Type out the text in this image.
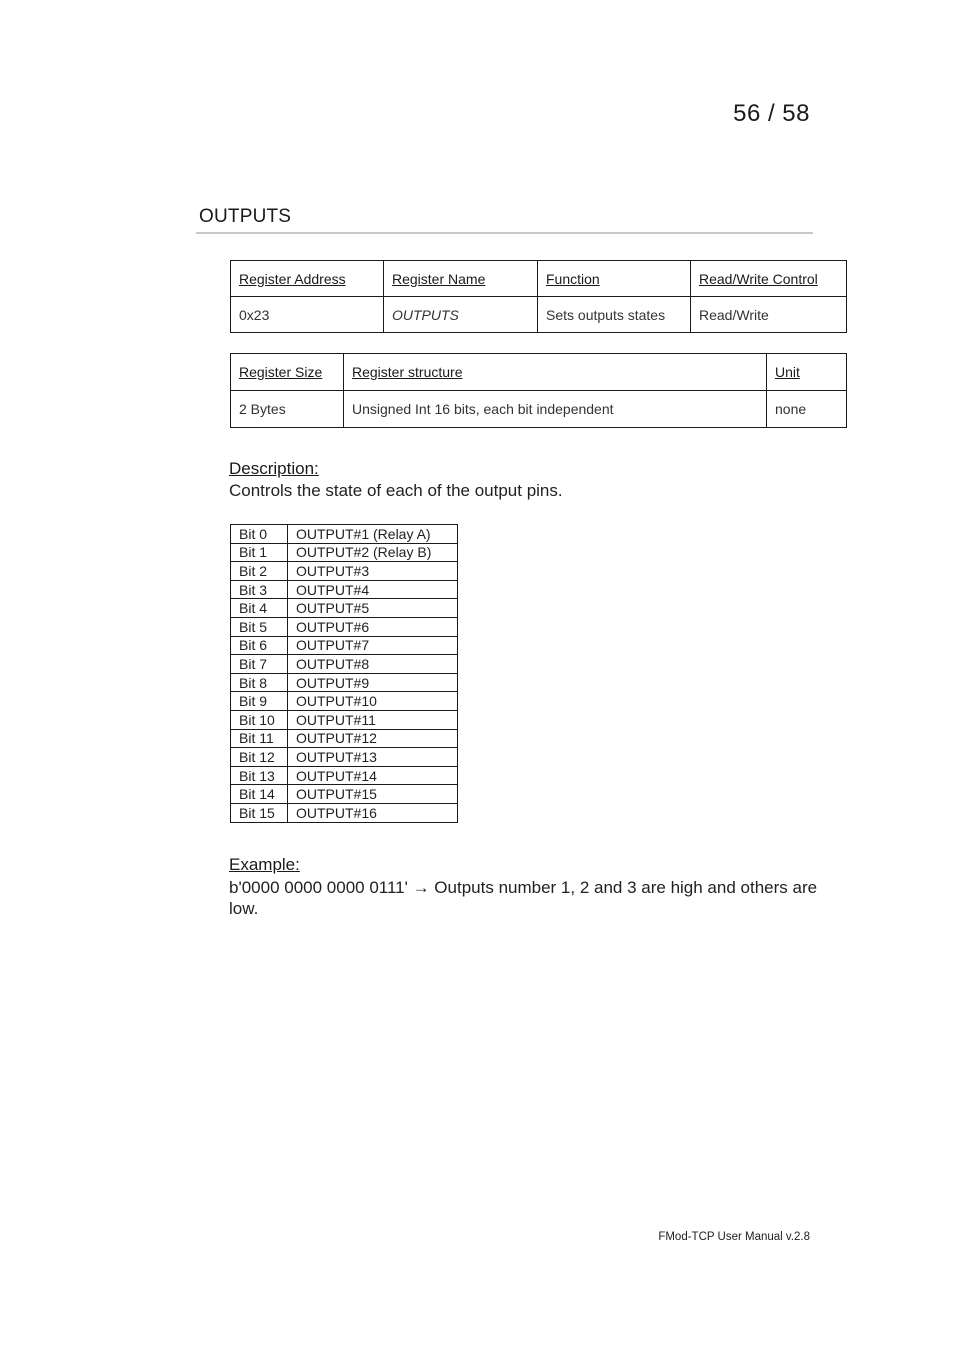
56 / 58
OUTPUTS
Register Address	Register Name	Function	Read/Write Control
0x23	OUTPUTS	Sets outputs states	Read/Write
Register Size	Register structure	Unit
2 Bytes	Unsigned Int 16 bits, each bit independent	none
Description:
Controls the state of each of the output pins.
Bit 0	OUTPUT#1 (Relay A)
Bit 1	OUTPUT#2 (Relay B)
Bit 2	OUTPUT#3
Bit 3	OUTPUT#4
Bit 4	OUTPUT#5
Bit 5	OUTPUT#6
Bit 6	OUTPUT#7
Bit 7	OUTPUT#8
Bit 8	OUTPUT#9
Bit 9	OUTPUT#10
Bit 10	OUTPUT#11
Bit 11	OUTPUT#12
Bit 12	OUTPUT#13
Bit 13	OUTPUT#14
Bit 14	OUTPUT#15
Bit 15	OUTPUT#16
Example:
b'0000 0000 0000 0111' → Outputs number 1, 2 and 3 are high and others are low.
FMod-TCP User Manual v.2.8
